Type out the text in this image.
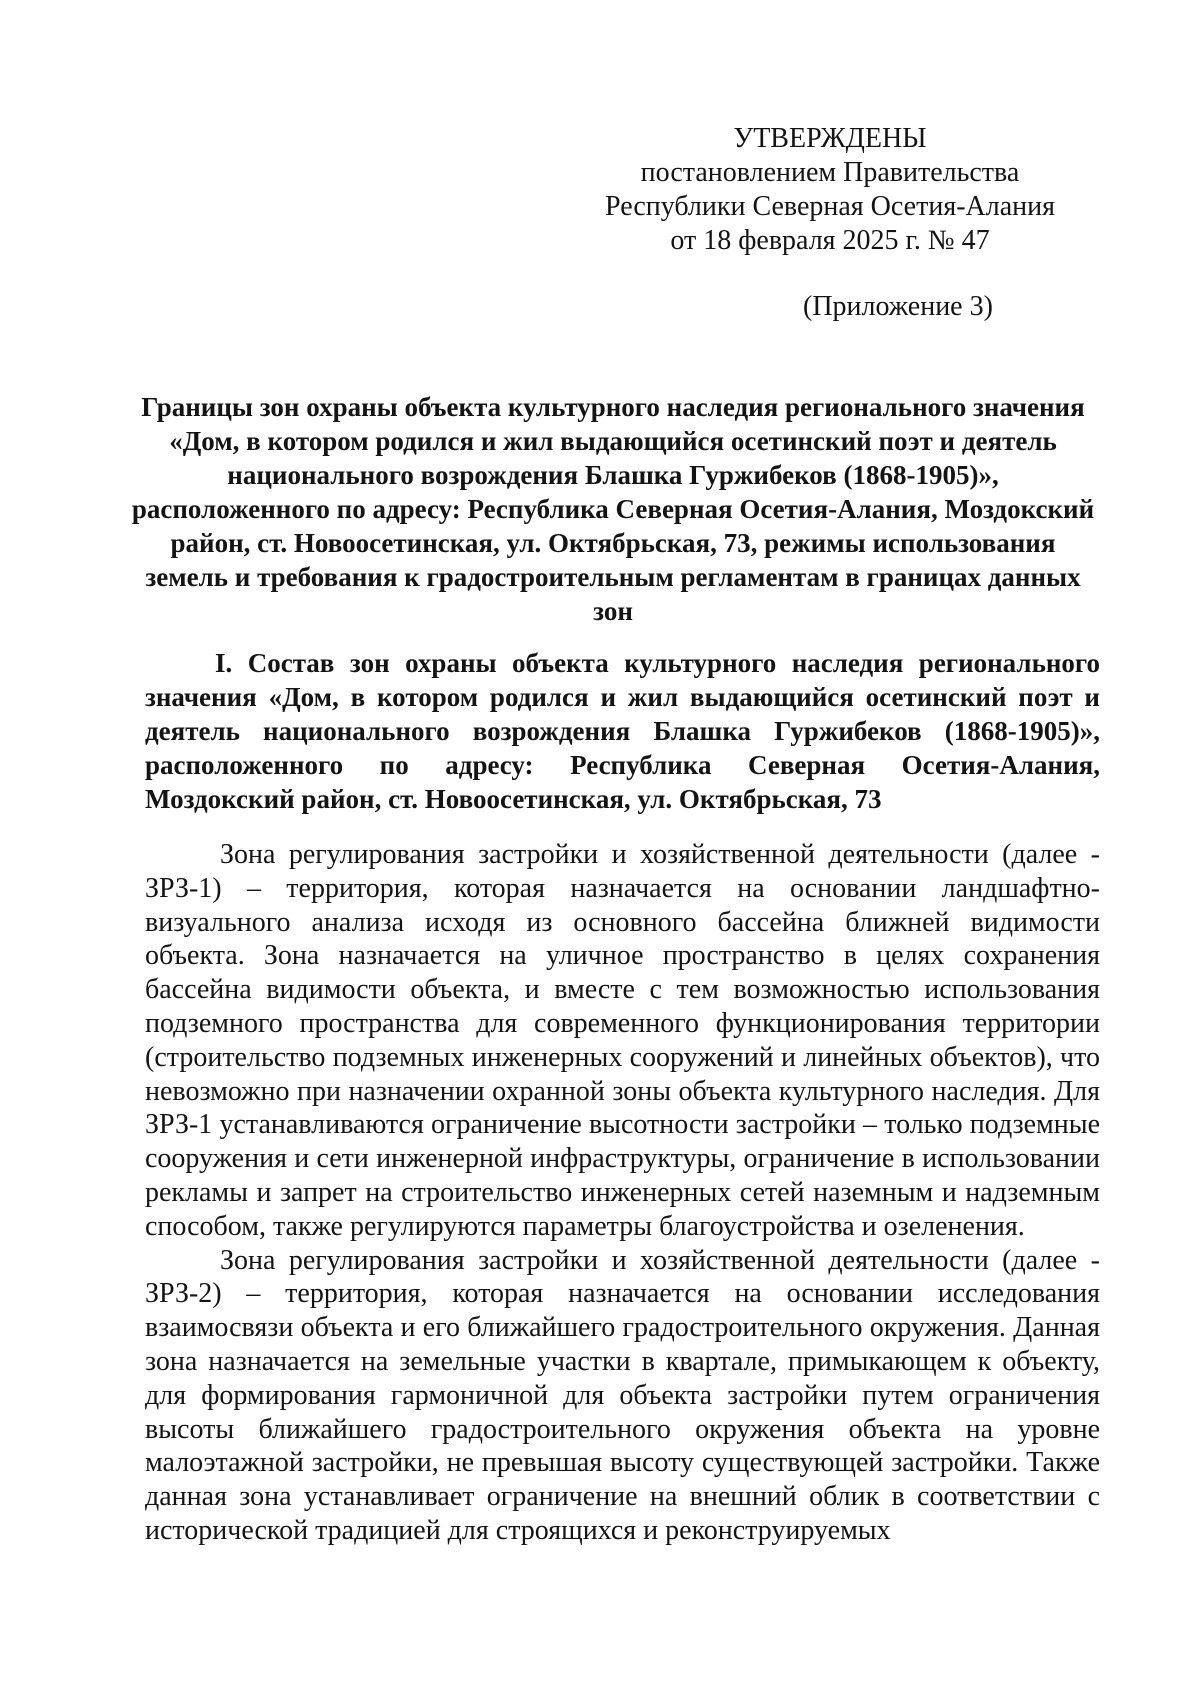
УТВЕРЖДЕНЫ
постановлением Правительства
Республики Северная Осетия-Алания
от 18 февраля 2025 г. № 47
(Приложение 3)
Границы зон охраны объекта культурного наследия регионального значения «Дом, в котором родился и жил выдающийся осетинский поэт и деятель национального возрождения Блашка Гуржибеков (1868-1905)», расположенного по адресу: Республика Северная Осетия-Алания, Моздокский район, ст. Новоосетинская, ул. Октябрьская, 73, режимы использования земель и требования к градостроительным регламентам в границах данных зон
I. Состав зон охраны объекта культурного наследия регионального значения «Дом, в котором родился и жил выдающийся осетинский поэт и деятель национального возрождения Блашка Гуржибеков (1868-1905)», расположенного по адресу: Республика Северная Осетия-Алания, Моздокский район, ст. Новоосетинская, ул. Октябрьская, 73

Зона регулирования застройки и хозяйственной деятельности (далее - ЗРЗ-1) – территория, которая назначается на основании ландшафтно-визуального анализа исходя из основного бассейна ближней видимости объекта. Зона назначается на уличное пространство в целях сохранения бассейна видимости объекта, и вместе с тем возможностью использования подземного пространства для современного функционирования территории (строительство подземных инженерных сооружений и линейных объектов), что невозможно при назначении охранной зоны объекта культурного наследия. Для ЗРЗ-1 устанавливаются ограничение высотности застройки – только подземные сооружения и сети инженерной инфраструктуры, ограничение в использовании рекламы и запрет на строительство инженерных сетей наземным и надземным способом, также регулируются параметры благоустройства и озеленения.

Зона регулирования застройки и хозяйственной деятельности (далее - ЗРЗ-2) – территория, которая назначается на основании исследования взаимосвязи объекта и его ближайшего градостроительного окружения. Данная зона назначается на земельные участки в квартале, примыкающем к объекту, для формирования гармоничной для объекта застройки путем ограничения высоты ближайшего градостроительного окружения объекта на уровне малоэтажной застройки, не превышая высоту существующей застройки. Также данная зона устанавливает ограничение на внешний облик в соответствии с исторической традицией для строящихся и реконструируемых
